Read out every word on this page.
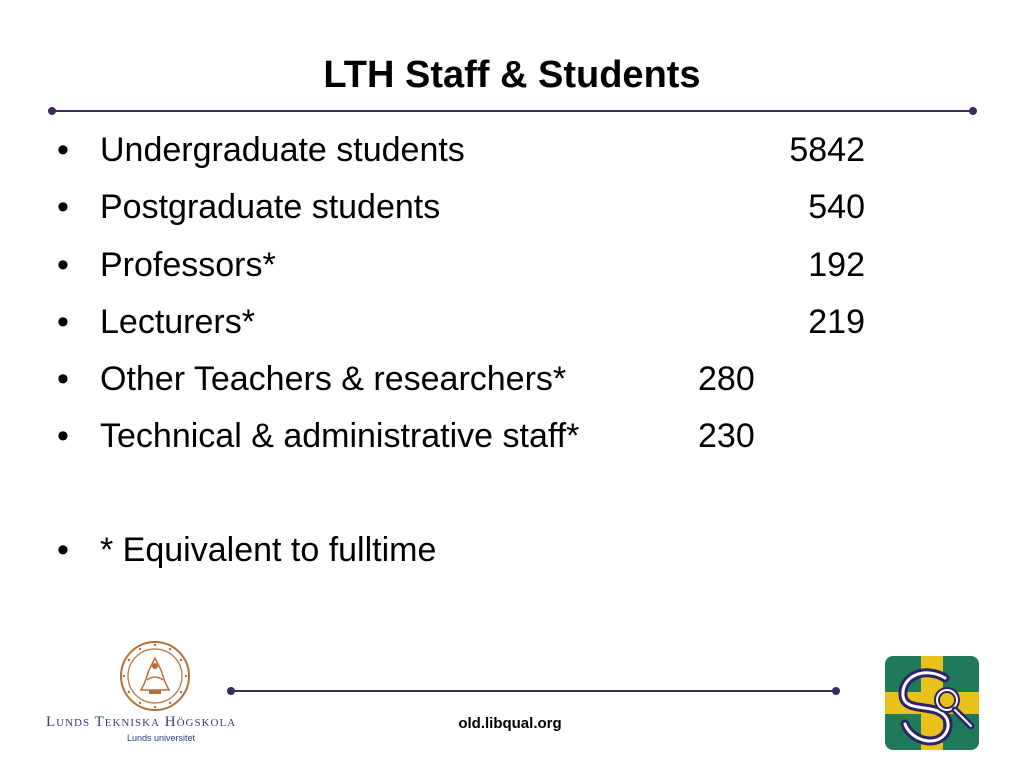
LTH Staff & Students
• Undergraduate students	5842
• Postgraduate students	540
• Professors*	192
• Lecturers*	219
• Other Teachers & researchers*	280
• Technical & administrative staff*	230
• * Equivalent to fulltime
old.libqual.org
Lunds Tekniska Högskola
Lunds universitet
